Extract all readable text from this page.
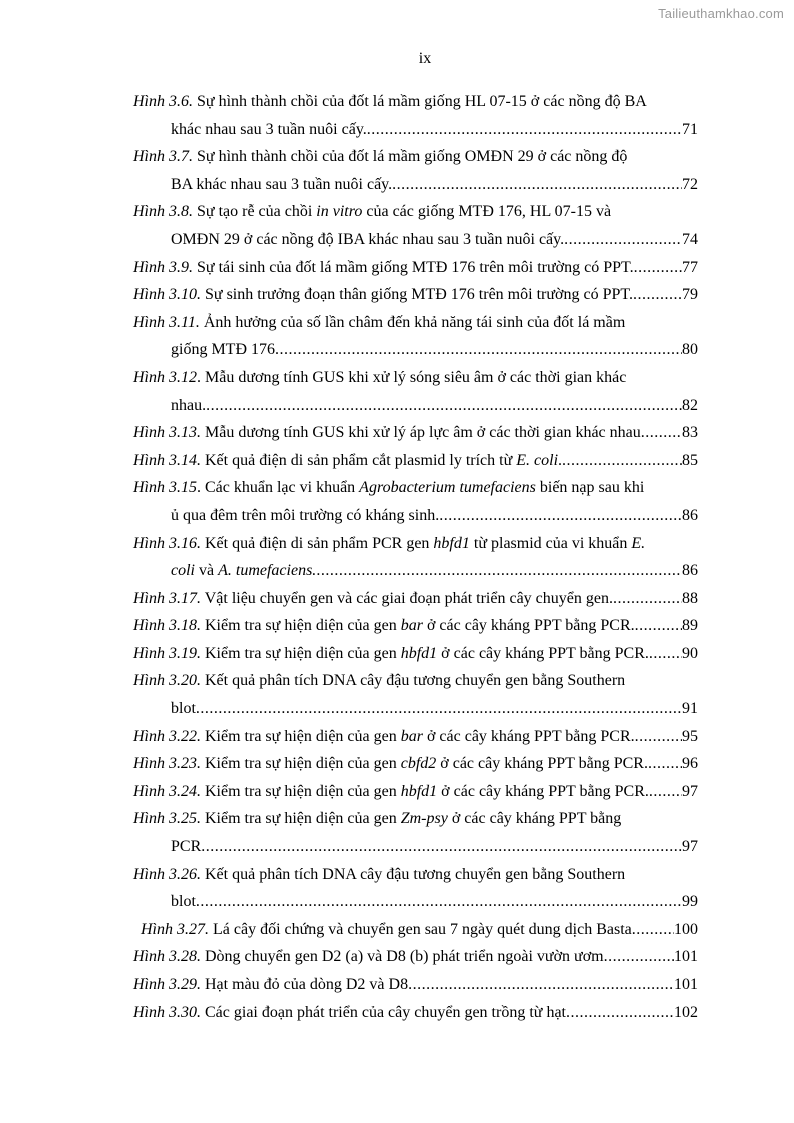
Tailieuthamkhao.com
ix
Hình 3.6. Sự hình thành chồi của đốt lá mầm giống HL 07-15 ở các nồng độ BA
khác nhau sau 3 tuần nuôi cấy. .....	71
Hình 3.7. Sự hình thành chồi của đốt lá mầm giống OMĐN 29 ở các nồng độ
BA khác nhau sau 3 tuần nuôi cấy. .....	72
Hình 3.8. Sự tạo rễ của chồi in vitro của các giống MTĐ 176, HL 07-15 và
OMĐN 29 ở các nồng độ IBA khác nhau sau 3 tuần nuôi cấy. .....	74
Hình 3.9. Sự tái sinh của đốt lá mầm giống MTĐ 176 trên môi trường có PPT. .....	77
Hình 3.10. Sự sinh trưởng đoạn thân giống MTĐ 176 trên môi trường có PPT. .....	79
Hình 3.11. Ảnh hưởng của số lần châm đến khả năng tái sinh của đốt lá mầm
giống MTĐ 176 .....	80
Hình 3.12. Mẫu dương tính GUS khi xử lý sóng siêu âm ở các thời gian khác
nhau. .....	82
Hình 3.13. Mẫu dương tính GUS khi xử lý áp lực âm ở các thời gian khác nhau .....	83
Hình 3.14. Kết quả điện di sản phẩm cắt plasmid ly trích từ E. coli. .....	85
Hình 3.15. Các khuẩn lạc vi khuẩn Agrobacterium tumefaciens biến nạp sau khi
ủ qua đêm trên môi trường có kháng sinh. .....	86
Hình 3.16. Kết quả điện di sản phẩm PCR gen hbfd1 từ plasmid của vi khuẩn E.
coli và A. tumefaciens. .....	86
Hình 3.17. Vật liệu chuyển gen và các giai đoạn phát triển cây chuyển gen. .....	88
Hình 3.18. Kiểm tra sự hiện diện của gen bar ở các cây kháng PPT bằng PCR. .....	89
Hình 3.19. Kiểm tra sự hiện diện của gen hbfd1 ở các cây kháng PPT bằng PCR. ..... 90
Hình 3.20. Kết quả phân tích DNA cây đậu tương chuyển gen bằng Southern
blot .....	91
Hình 3.22. Kiểm tra sự hiện diện của gen bar ở các cây kháng PPT bằng PCR. .....	95
Hình 3.23. Kiểm tra sự hiện diện của gen cbfd2 ở các cây kháng PPT bằng PCR. ..... 96
Hình 3.24. Kiểm tra sự hiện diện của gen hbfd1 ở các cây kháng PPT bằng PCR. ..... 97
Hình 3.25. Kiểm tra sự hiện diện của gen Zm-psy ở các cây kháng PPT bằng
PCR .....	97
Hình 3.26. Kết quả phân tích DNA cây đậu tương chuyển gen bằng Southern
blot .....	99
Hình 3.27. Lá cây đối chứng và chuyển gen sau 7 ngày quét dung dịch Basta .....	100
Hình 3.28. Dòng chuyển gen D2 (a) và D8 (b) phát triển ngoài vườn ươm .....	101
Hình 3.29. Hạt màu đỏ của dòng D2 và D8 .....	101
Hình 3.30. Các giai đoạn phát triển của cây chuyển gen trồng từ hạt .....	102
